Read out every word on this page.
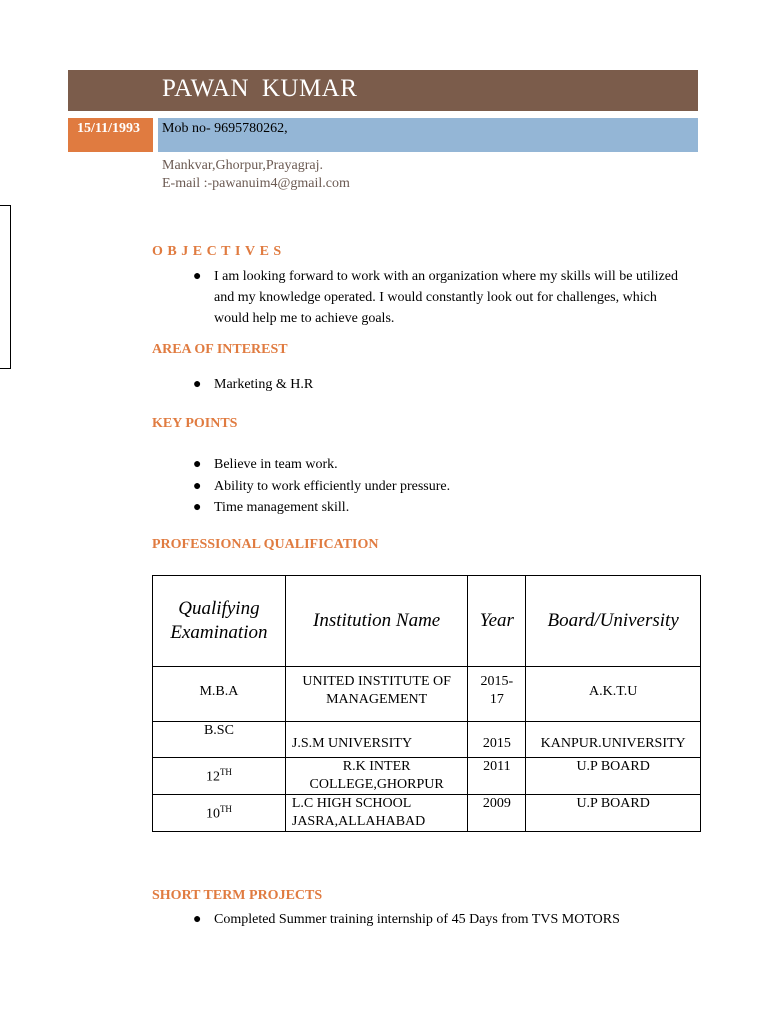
PAWAN KUMAR
15/11/1993 Mob no- 9695780262,
Mankvar,Ghorpur,Prayagraj.
E-mail :-pawanuim4@gmail.com
OBJECTIVES
● I am looking forward to work with an organization where my skills will be utilized and my knowledge operated. I would constantly look out for challenges, which would help me to achieve goals.
AREA OF INTEREST
● Marketing & H.R
KEY POINTS
● Believe in team work.
● Ability to work efficiently under pressure.
● Time management skill.
PROFESSIONAL QUALIFICATION
Qualifying Examination	Institution Name	Year	Board/University
M.B.A	UNITED INSTITUTE OF MANAGEMENT	2015-17	A.K.T.U
B.SC	J.S.M UNIVERSITY	2015	KANPUR.UNIVERSITY
12TH	R.K INTER COLLEGE,GHORPUR	2011	U.P BOARD
10TH	L.C HIGH SCHOOL JASRA,ALLAHABAD	2009	U.P BOARD
SHORT TERM PROJECTS
● Completed Summer training internship of 45 Days from TVS MOTORS
